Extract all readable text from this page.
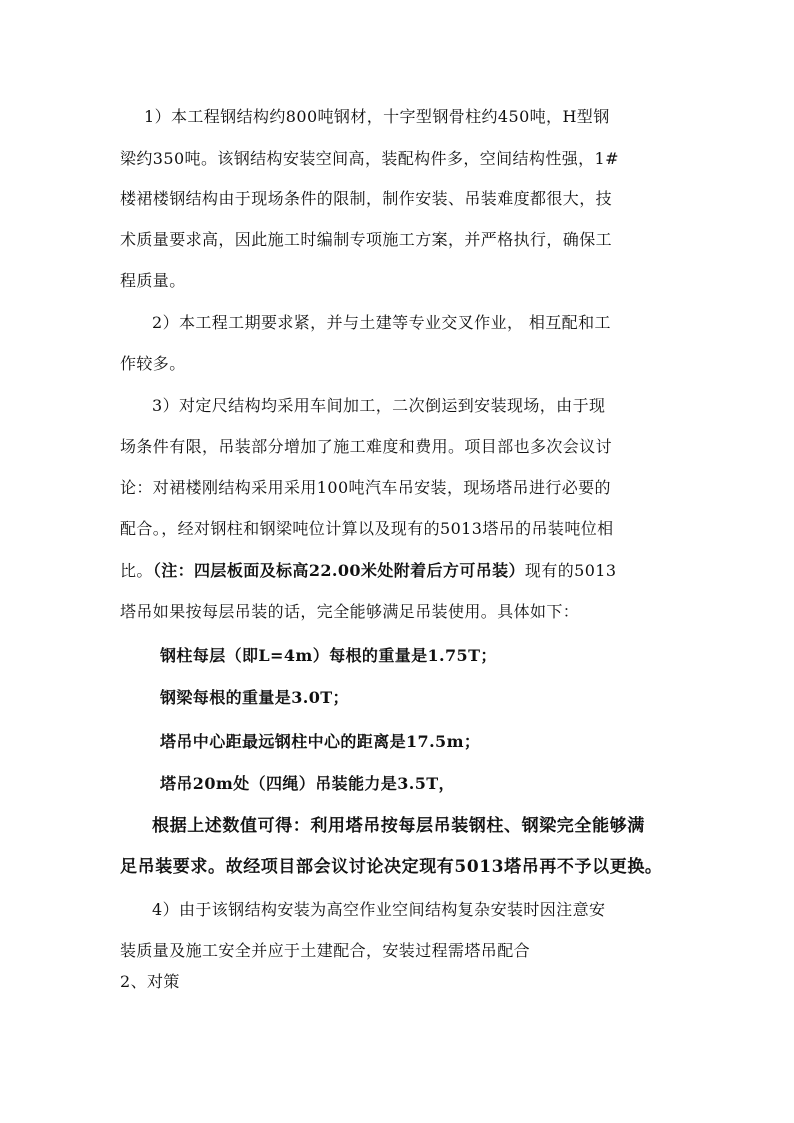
1）本工程钢结构约800吨钢材，十字型钢骨柱约450吨，H型钢
梁约350吨。该钢结构安装空间高，装配构件多，空间结构性强，1#
楼裙楼钢结构由于现场条件的限制，制作安装、吊装难度都很大，技
术质量要求高，因此施工时编制专项施工方案，并严格执行，确保工
程质量。
2）本工程工期要求紧，并与土建等专业交叉作业， 相互配和工
作较多。
3）对定尺结构均采用车间加工，二次倒运到安装现场，由于现
场条件有限，吊装部分增加了施工难度和费用。项目部也多次会议讨
论：对裙楼刚结构采用采用100吨汽车吊安装，现场塔吊进行必要的
配合。，经对钢柱和钢梁吨位计算以及现有的5013塔吊的吊装吨位相
比。（注：四层板面及标高22.00米处附着后方可吊装）现有的5013
塔吊如果按每层吊装的话，完全能够满足吊装使用。具体如下：
钢柱每层（即L=4m）每根的重量是1.75T；
钢梁每根的重量是3.0T；
塔吊中心距最远钢柱中心的距离是17.5m；
塔吊20m处（四绳）吊装能力是3.5T，
根据上述数值可得：利用塔吊按每层吊装钢柱、钢梁完全能够满
足吊装要求。故经项目部会议讨论决定现有5013塔吊再不予以更换。
4）由于该钢结构安装为高空作业空间结构复杂安装时因注意安
装质量及施工安全并应于土建配合，安装过程需塔吊配合
2、对策
